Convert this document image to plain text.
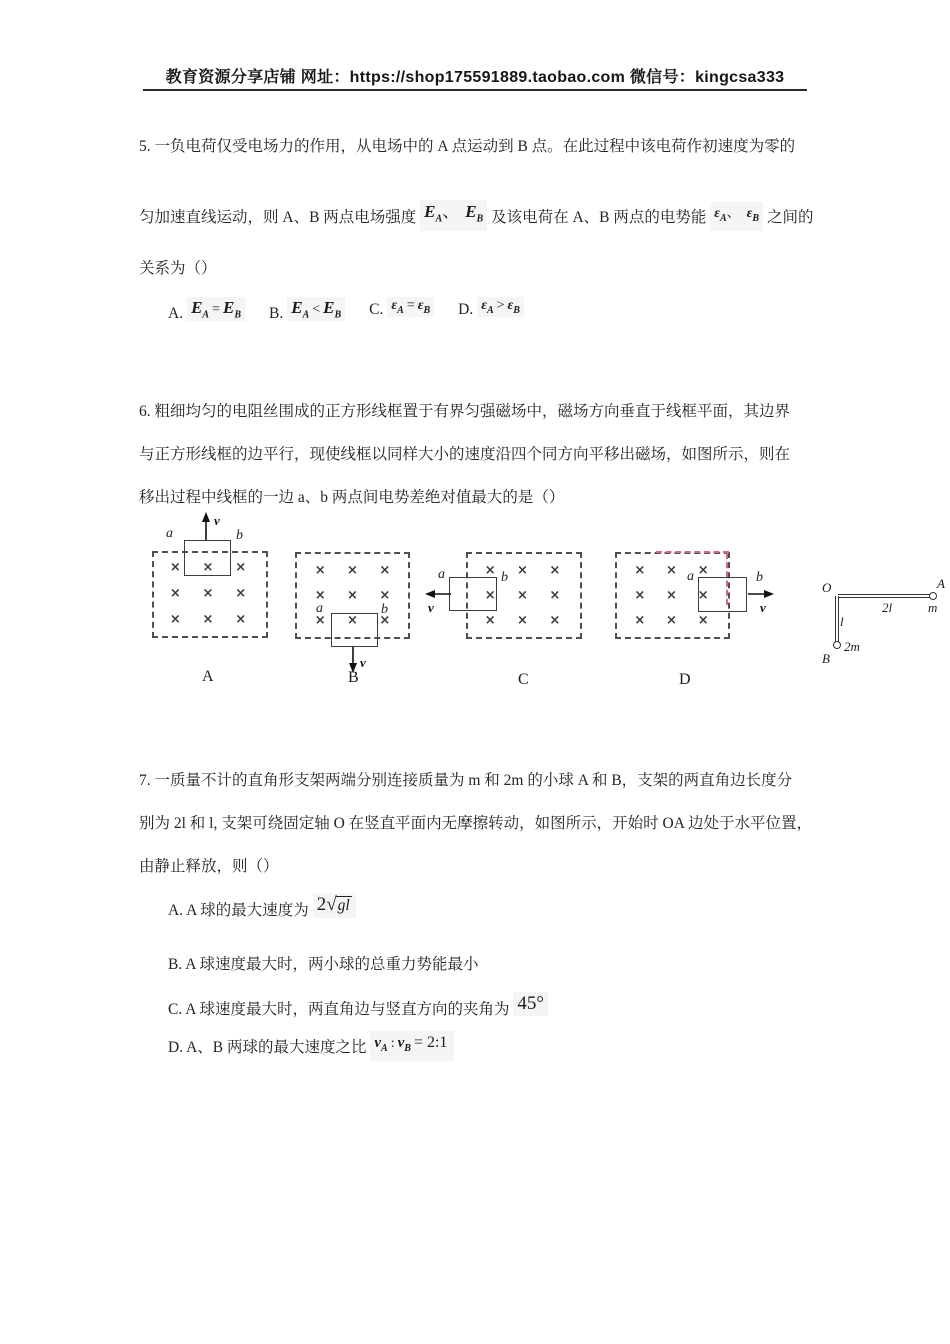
教育资源分享店铺 网址：https://shop175591889.taobao.com 微信号：kingcsa333
5. 一负电荷仅受电场力的作用，从电场中的 A 点运动到 B 点。在此过程中该电荷作初速度为零的
匀加速直线运动，则 A、B 两点电场强度 $E_A$、 $E_B$ 及该电荷在 A、B 两点的电势能 $\varepsilon_A$、 $\varepsilon_B$ 之间的
关系为（）
A. $E_A = E_B$ B. $E_A < E_B$ C. $\varepsilon_A = \varepsilon_B$ D. $\varepsilon_A > \varepsilon_B$
6. 粗细均匀的电阻丝围成的正方形线框置于有界匀强磁场中，磁场方向垂直于线框平面，其边界
与正方形线框的边平行，现使线框以同样大小的速度沿四个同方向平移出磁场，如图所示，则在
移出过程中线框的一边 a、b 两点间电势差绝对值最大的是（）
× × ×
× × ×
× × ×
v
a	b
A
× × ×
× × ×
× × ×
v
a	b
B
× × ×
× × ×
× × ×
v
a	b
C
× × ×
× × ×
× × ×
v
a	b
D
O	A
m
2l
l
2m
B
7. 一质量不计的直角形支架两端分别连接质量为 m 和 2m 的小球 A 和 B，支架的两直角边长度分
别为 2l 和 l, 支架可绕固定轴 O 在竖直平面内无摩擦转动，如图所示，开始时 OA 边处于水平位置，
由静止释放，则（）
A. A 球的最大速度为 2√gl
B. A 球速度最大时，两小球的总重力势能最小
C. A 球速度最大时，两直角边与竖直方向的夹角为 45°
D. A、B 两球的最大速度之比 $v_A$ : $v_B$ = 2:1
